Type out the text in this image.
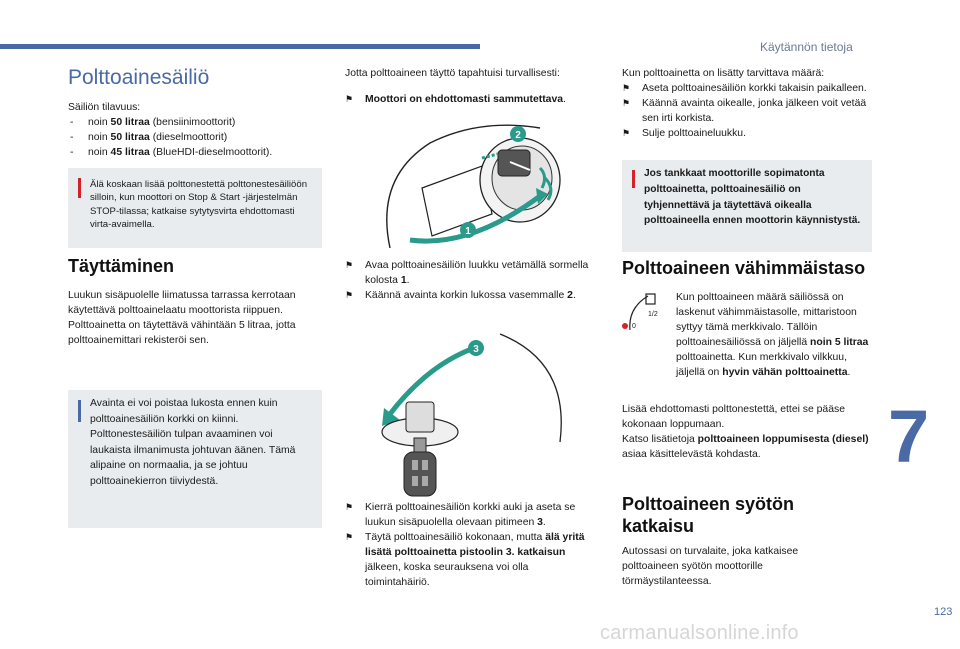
Käytännön tietoja
7
123
carmanualsonline.info
Polttoainesäiliö
Säiliön tilavuus:
- noin 50 litraa (bensiinimoottorit)
- noin 50 litraa (dieselmoottorit)
- noin 45 litraa (BlueHDI-dieselmoottorit).
Älä koskaan lisää polttonestettä polttonestesäiliöön silloin, kun moottori on Stop & Start -järjestelmän STOP-tilassa; katkaise sytytysvirta ehdottomasti virta-avaimella.
Täyttäminen
Luukun sisäpuolelle liimatussa tarrassa kerrotaan käytettävä polttoainelaatu moottorista riippuen.
Polttoainetta on täytettävä vähintään 5 litraa, jotta polttoainemittari rekisteröi sen.
Avainta ei voi poistaa lukosta ennen kuin polttoainesäiliön korkki on kiinni. Polttonestesäiliön tulpan avaaminen voi laukaista ilmanimusta johtuvan äänen. Tämä alipaine on normaalia, ja se johtuu polttoainekierron tiiviydestä.
Jotta polttoaineen täyttö tapahtuisi turvallisesti:
⚑ Moottori on ehdottomasti sammutettava.
2
1
⚑ Avaa polttoainesäiliön luukku vetämällä sormella kolosta 1.
⚑ Käännä avainta korkin lukossa vasemmalle 2.
3
⚑ Kierrä polttoainesäiliön korkki auki ja aseta se luukun sisäpuolella olevaan pitimeen 3.
⚑ Täytä polttoainesäiliö kokonaan, mutta älä yritä lisätä polttoainetta pistoolin 3. katkaisun jälkeen, koska seurauksena voi olla toimintahäiriö.
Kun polttoainetta on lisätty tarvittava määrä:
⚑ Aseta polttoainesäiliön korkki takaisin paikalleen.
⚑ Käännä avainta oikealle, jonka jälkeen voit vetää sen irti korkista.
⚑ Sulje polttoaineluukku.
Jos tankkaat moottorille sopimatonta polttoainetta, polttoainesäiliö on tyhjennettävä ja täytettävä oikealla polttoaineella ennen moottorin käynnistystä.
Polttoaineen vähimmäistaso
1/2
0
Kun polttoaineen määrä säiliössä on laskenut vähimmäistasolle, mittaristoon syttyy tämä merkkivalo. Tällöin polttoainesäiliössä on jäljellä noin 5 litraa polttoainetta. Kun merkkivalo vilkkuu, jäljellä on hyvin vähän polttoainetta.
Lisää ehdottomasti polttonestettä, ettei se pääse kokonaan loppumaan.
Katso lisätietoja polttoaineen loppumisesta (diesel) asiaa käsittelevästä kohdasta.
Polttoaineen syötön katkaisu
Autossasi on turvalaite, joka katkaisee polttoaineen syötön moottorille törmäystilanteessa.
